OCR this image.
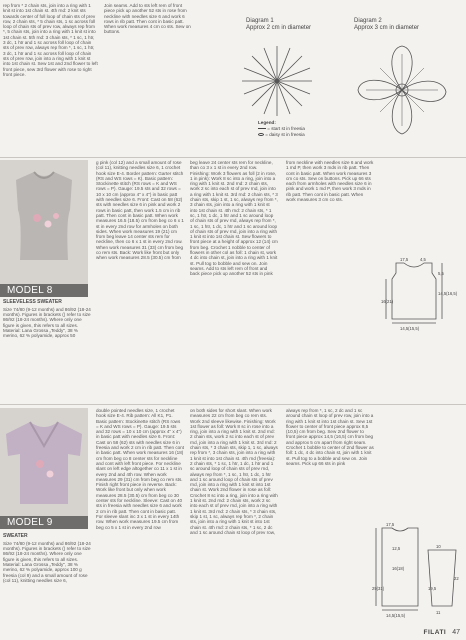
rep from * 2 chain sts, join into a ring with 1 knit st into 1st chain st. 4th rnd: 2 knit sts towards center of foll loop of chain sts of prev row, 2 chain sts, * 5 chain sts, 1 sc across foll loop of chain sts of prev row, always rep from *, 5 chain sts, join into a ring with 1 knit st into 1st chain st. 5th rnd: 3 chain sts, * 1 sc, 1 htr, 3 dc, 1 htr and 1 sc across foll loop of chain sts of prev row, always rep from *, 1 sc, 1 htr, 3 dc, 1 htr and 1 sc across foll loop of chain sts of prev row, join into a ring with 1 knit st into 1st chain st. Sew 1st and 2nd flower to left front piece, sew 3rd flower with rose to right front piece.

Join seams. Add to sts left rem of front piece pick up another 52 sts in rose from neckline with needles size 6 and work 6 rows in rib patt. Then cont in basic patt. When work measures 4 cm co sts. Sew on buttons.

Diagram 1
Approx 2 cm in diameter
Diagram 2
Approx 3 cm in diameter
Legend:
= start st in freesia
= daisy st in freesia
MODEL 8

SLEEVELESS SWEATER

Size 74/80 (9-12 months) and 86/92 (18-24 months). Figures in brackets () refer to size 86/92 (18-24 months). Where only one figure is given, this refers to all sizes. Material: Lana Grossa „Teddy", 38 % merino, 62 % polyamide, approx 50

g pink (col 12) and a small amount of rose (col 11), knitting needles size 6, 1 crochet hook size E-4. Border pattern: Garter stitch (RS and WS rows = K). Basic pattern: Stockinette stitch (RS rows = K and WS rows = P). Gauge: 19.5 sts and 32 rows = 10 x 10 cm (approx 4" x 4") in basic patt with needles size 6. Front: Cast on 58 (62) sts with needles size 6 in pink and work 2 rows in basic patt, then work 1.5 cm in rib patt. Then cont in basic patt. When work measures 16.5 (18.5) cm from beg co 6 x 1 st in every 2nd row for armholes on both sides. When work measures 19 (21) cm from beg leave 14 center sts rem for neckline, then co 6 x 1 st in every 2nd row. When work measures 31 (33) cm from beg co rem sts. Back: Work like front but only when work measures 28.5 (30.5) cm from

beg leave 24 center sts rem for neckline, than co 3 x 1 st in every 2nd row. Finishing: Work 3 flowers as foll (2 in rose, 1 in pink): Work 8 sc into a ring, join into a ring with 1 knit st. 2nd rnd: 2 chain sts, work 2 sc into each st of prev rnd, join into a ring with 1 knit st. 3rd rnd: 2 chain sts, * 3 chain sts, skip 1 st, 1 sc, always rep from *, 3 chain sts, join into a ring with 1 knit st into 1st chain st. 4th rnd: 2 chain sts, * 1 sc, 1 htr, 1 dc, 1 htr and 1 sc around loop of chain sts of prev rnd, always rep from *, 1 sc, 1 htr, 1 dc, 1 htr and 1 sc around loop of chain sts of prev rnd, join into a ring with 1 knit st into 1st chain st. Sew flowers to front piece at a height of approx 12 (14) cm from beg. Crochet 1 nobble to center of flowers in other col as foll: 1 chain st, work 4 dc into chain st, join into a ring with 1 knit st. Pull tog to bobble and sew on. Join seams. Add to sts left rem of front and back piece pick up another 52 sts in pink

from neckline with needles size 6 and work 1 md P, then work 3 mds in rib patt. Then cont in basic patt. When work measures 3 cm co sts. Sew on buttons. Pick up 66 sts each from armholes with needles size 6 in pink and work 1 md P, then work 3 mds in rib patt. Then cont in basic patt. When work measures 3 cm co sts.

17,5	4,5
16(21)
14,5(16,5)
5,5
14,5(15,5)
MODEL 9

SWEATER

Size 74/80 (9-12 months) and 86/92 (18-24 months). Figures in brackets () refer to size 86/92 (18-24 months). Where only one figure is given, this refers to all sizes. Material: Lana Grossa „Teddy", 38 % merino, 62 % polyamide, approx 100 g freesia (col 9) and a small amount of rose (col 11), knitting needles size 6,

double pointed needles size, 1 crochet hook size E-4. Rib pattern: All K1, P1. Basic pattern: Stockinette stitch (RS rows = K and WS rows = P). Gauge: 19.5 sts and 32 rows = 10 x 10 cm (approx 4" x 4") in basic patt with needles size 6. Front: Cast on 58 (62) sts with needles size 6 in freesia and work 2 cm in rib patt. Then cont in basic patt. When work measures 16 (18) cm from beg co 8 center sts for neckline and cont with left front piece. For neckline slant on left edge altogether co 11 x 1 st in every 2nd and 4th row. When work measures 29 (31) cm from beg co rem sts. Finish right front piece in reverse. Back: Work like front but only when work measures 28.5 (30.5) cm from beg co 30 center sts for neckline. Sleeve: Cast on 40 sts in freesia with needles size 6 and work 2 cm in rib patt. Then cont in basic patt. For sleeve slant inc 3 x 1 st in every 14th row. When work measures 19.5 cm from beg co 5 x 1 st in every 2nd row

on both sides for short slant. When work measures 22 cm from beg co rem sts. Work 2nd sleeve likewise. Finishing: Work 1st flower as foll: Work 8 sc in rose into a ring, join into a ring with 1 knit st. 2nd rnd: 2 chain sts, work 2 sc into each st of prev rnd, join into a ring with 1 knit st. 3rd rnd: 2 chain sts, * 3 chain sts, skip 1, 1 sc, always rep from *, 3 chain sts, join into a ring with 1 knit st into 1st chain st. 4th rnd (freesia): 2 chain sts, * 1 sc, 1 htr, 1 dc, 1 htr and 1 sc around loop of chain sts of prev rnd, always rep from *, 1 sc, 1 htr, 1 dc, 1 htr and 1 sc around loop of chain sts of prev rnd, join into a ring with 1 knit st into 1st chain st. Work 2nd flower in rose as foll: Crochet 8 sc into a ring, join into a ring with 1 knit st. 2nd rnd: 2 chain sts, work 2 sc into each st of prev rnd, join into a ring with 1 knit st. 3rd rnd: 2 chain sts, * 3 chain sts, skip 1 st, 1 sc, always rep from *, 2 chain sts, join into a ring with 1 knit st into 1st chain st. 4th rnd: 2 chain sts, * 1 sc, 2 dc and 1 sc around chain st loop of prev row,

always rep from *, 1 sc, 2 dc and 1 sc around chain st loop of prev row, join into a ring with 1 knit st into 1st chain st. Sew 1st flower to center of front piece approx 8,5 (10,5) cm from beg. Sew 2nd flower to front piece approx 14,5 (16,5) cm from beg and approx 5 cm apart from right seam. Crochet 1 bobble to center of 2nd flower as foll: 1 dc, 4 dc into chain st, join with 1 knit st. Pull tog to a bobble and sew on. Join seams. Pick up 66 sts in pink

17,5
16(18)
12,5
29(31)
14,5(15,5)
10
22
19,5
11
FILATI 47
